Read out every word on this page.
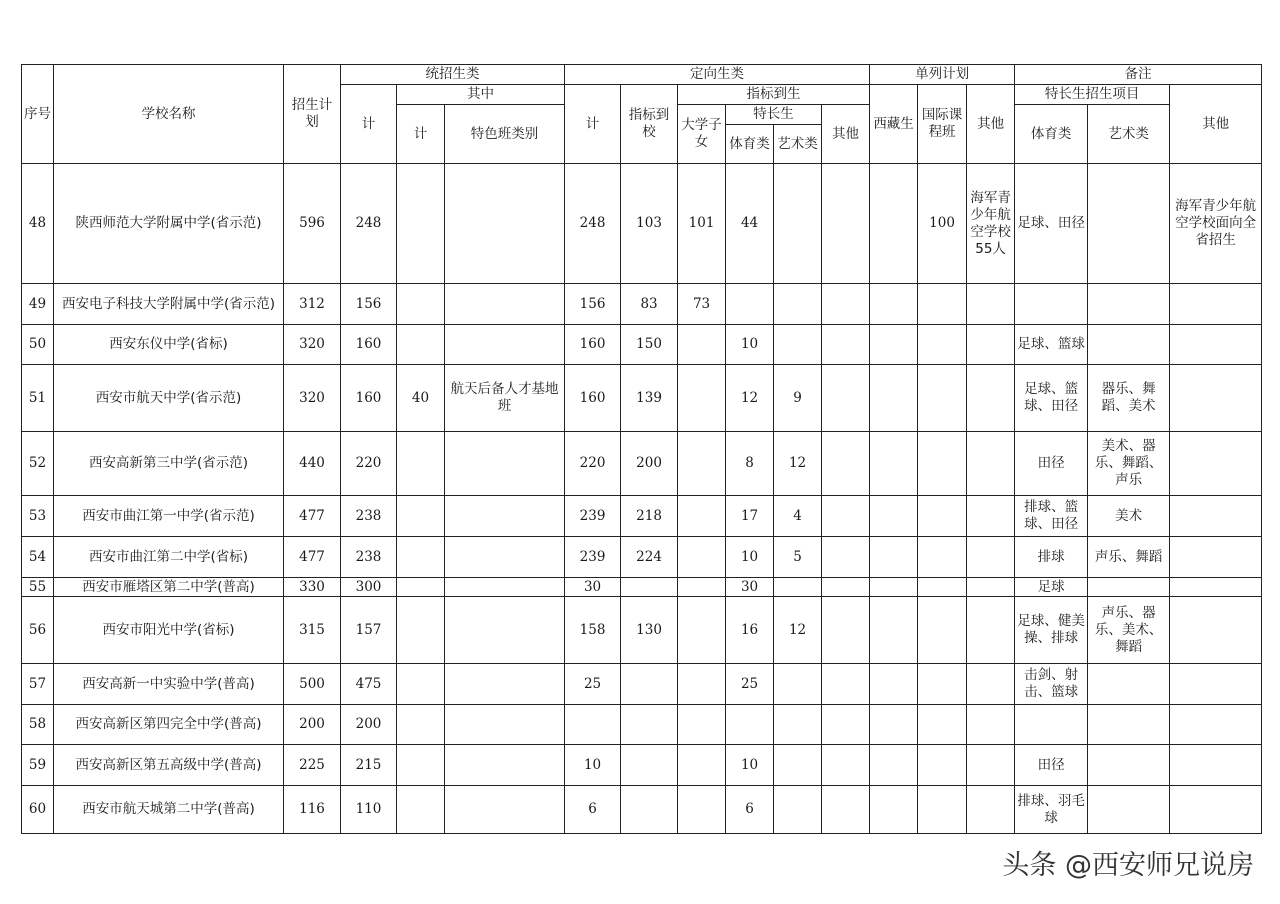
序号	学校名称	招生计划	统招生类			定向生类						单列计划			备注		
			计	其中		计	指标到校	指标到生				西藏生	国际课程班	其他	特长生招生项目		其他
				计	特色班类别			大学子女	特长生		其他				体育类	艺术类	
									体育类	艺术类							
48	陕西师范大学附属中学(省示范)	596	248			248	103	101	44				100	海军青少年航空学校55人	足球、田径		海军青少年航空学校面向全省招生
49	西安电子科技大学附属中学(省示范)	312	156			156	83	73									
50	西安东仪中学(省标)	320	160			160	150		10						足球、篮球		
51	西安市航天中学(省示范)	320	160	40	航天后备人才基地班	160	139		12	9					足球、篮球、田径	器乐、舞蹈、美术	
52	西安高新第三中学(省示范)	440	220			220	200		8	12					田径	美术、器乐、舞蹈、声乐	
53	西安市曲江第一中学(省示范)	477	238			239	218		17	4					排球、篮球、田径	美术	
54	西安市曲江第二中学(省标)	477	238			239	224		10	5					排球	声乐、舞蹈	
55	西安市雁塔区第二中学(普高)	330	300			30			30						足球		
56	西安市阳光中学(省标)	315	157			158	130		16	12					足球、健美操、排球	声乐、器乐、美术、舞蹈	
57	西安高新一中实验中学(普高)	500	475			25			25						击剑、射击、篮球		
58	西安高新区第四完全中学(普高)	200	200														
59	西安高新区第五高级中学(普高)	225	215			10			10						田径		
60	西安市航天城第二中学(普高)	116	110			6			6						排球、羽毛球		
头条 @西安师兄说房
